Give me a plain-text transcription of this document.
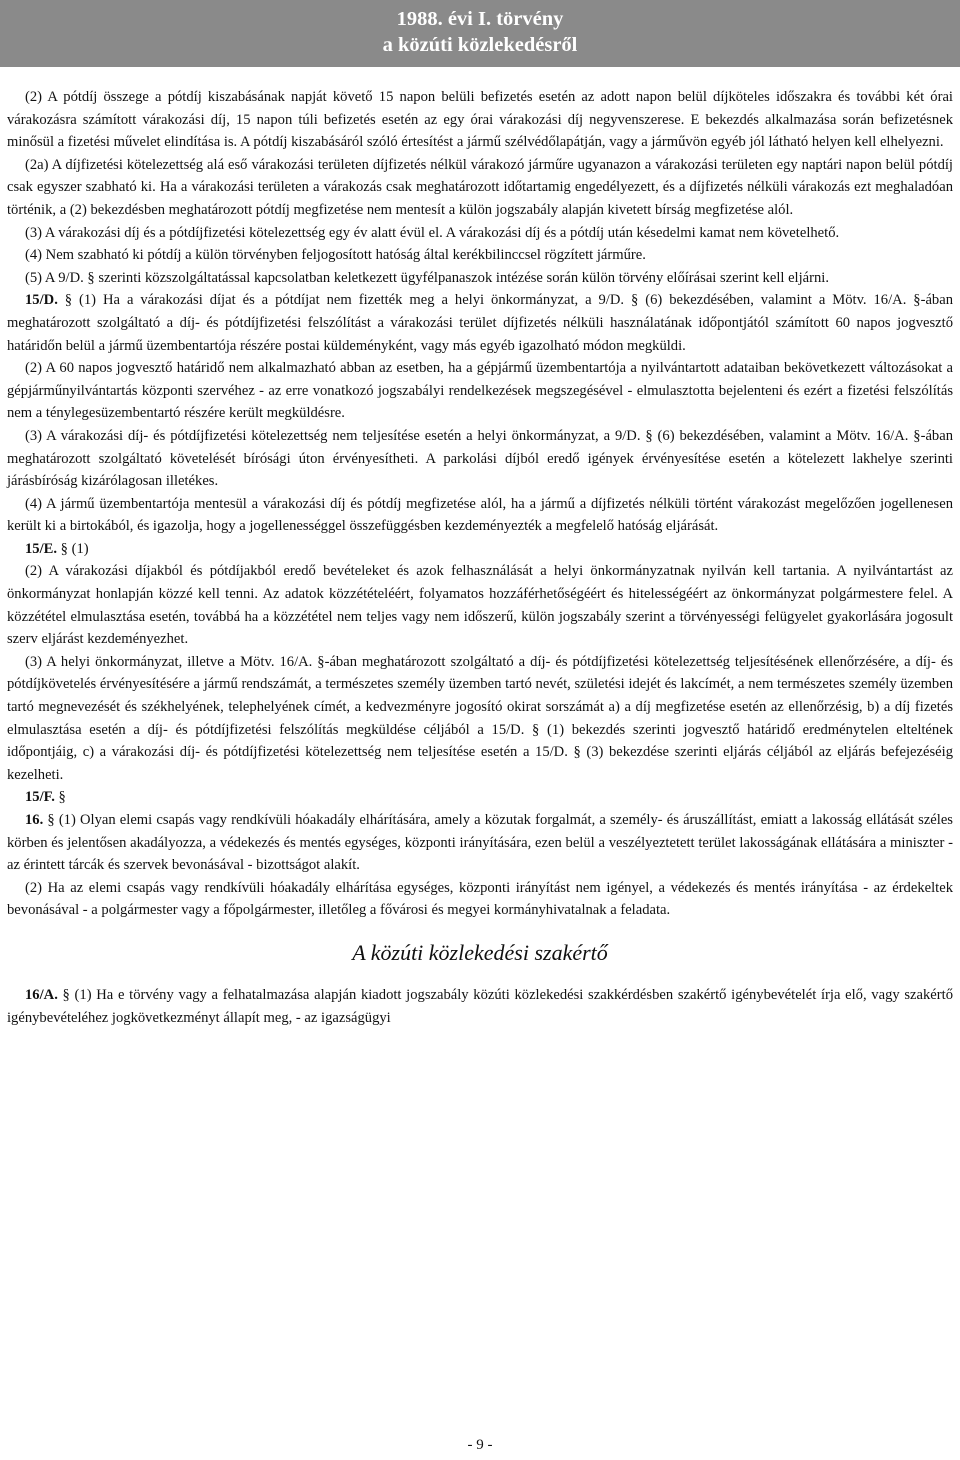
1988. évi I. törvény
a közúti közlekedésről

(2) A pótdíj összege a pótdíj kiszabásának napját követő 15 napon belüli befizetés esetén az adott napon belül díjköteles időszakra és további két órai várakozásra számított várakozási díj, 15 napon túli befizetés esetén az egy órai várakozási díj negyvenszerese. E bekezdés alkalmazása során befizetésnek minősül a fizetési művelet elindítása is. A pótdíj kiszabásáról szóló értesítést a jármű szélvédőlapátján, vagy a járművön egyéb jól látható helyen kell elhelyezni.

(2a) A díjfizetési kötelezettség alá eső várakozási területen díjfizetés nélkül várakozó járműre ugyanazon a várakozási területen egy naptári napon belül pótdíj csak egyszer szabható ki. Ha a várakozási területen a várakozás csak meghatározott időtartamig engedélyezett, és a díjfizetés nélküli várakozás ezt meghaladóan történik, a (2) bekezdésben meghatározott pótdíj megfizetése nem mentesít a külön jogszabály alapján kivetett bírság megfizetése alól.

(3) A várakozási díj és a pótdíjfizetési kötelezettség egy év alatt évül el. A várakozási díj és a pótdíj után késedelmi kamat nem követelhető.

(4) Nem szabható ki pótdíj a külön törvényben feljogosított hatóság által kerékbilinccsel rögzített járműre.

(5) A 9/D. § szerinti közszolgáltatással kapcsolatban keletkezett ügyfélpanaszok intézése során külön törvény előírásai szerint kell eljárni.

15/D. § (1) Ha a várakozási díjat és a pótdíjat nem fizették meg a helyi önkormányzat, a 9/D. § (6) bekezdésében, valamint a Mötv. 16/A. §-ában meghatározott szolgáltató a díj- és pótdíjfizetési felszólítást a várakozási terület díjfizetés nélküli használatának időpontjától számított 60 napos jogvesztő határidőn belül a jármű üzembentartója részére postai küldeményként, vagy más egyéb igazolható módon megküldi.

(2) A 60 napos jogvesztő határidő nem alkalmazható abban az esetben, ha a gépjármű üzembentartója a nyilvántartott adataiban bekövetkezett változásokat a gépjárműnyilvántartás központi szervéhez - az erre vonatkozó jogszabályi rendelkezések megszegésével - elmulasztotta bejelenteni és ezért a fizetési felszólítás nem a ténylegesüzembentartó részére került megküldésre.

(3) A várakozási díj- és pótdíjfizetési kötelezettség nem teljesítése esetén a helyi önkormányzat, a 9/D. § (6) bekezdésében, valamint a Mötv. 16/A. §-ában meghatározott szolgáltató követelését bírósági úton érvényesítheti. A parkolási díjból eredő igények érvényesítése esetén a kötelezett lakhelye szerinti járásbíróság kizárólagosan illetékes.

(4) A jármű üzembentartója mentesül a várakozási díj és pótdíj megfizetése alól, ha a jármű a díjfizetés nélküli történt várakozást megelőzően jogellenesen került ki a birtokából, és igazolja, hogy a jogellenességgel összefüggésben kezdeményezték a megfelelő hatóság eljárását.

15/E. § (1)

(2) A várakozási díjakból és pótdíjakból eredő bevételeket és azok felhasználását a helyi önkormányzatnak nyilván kell tartania. A nyilvántartást az önkormányzat honlapján közzé kell tenni. Az adatok közzétételéért, folyamatos hozzáférhetőségéért és hitelességéért az önkormányzat polgármestere felel. A közzététel elmulasztása esetén, továbbá ha a közzététel nem teljes vagy nem időszerű, külön jogszabály szerint a törvényességi felügyelet gyakorlására jogosult szerv eljárást kezdeményezhet.

(3) A helyi önkormányzat, illetve a Mötv. 16/A. §-ában meghatározott szolgáltató a díj- és pótdíjfizetési kötelezettség teljesítésének ellenőrzésére, a díj- és pótdíjkövetelés érvényesítésére a jármű rendszámát, a természetes személy üzemben tartó nevét, születési idejét és lakcímét, a nem természetes személy üzemben tartó megnevezését és székhelyének, telephelyének címét, a kedvezményre jogosító okirat sorszámát a) a díj megfizetése esetén az ellenőrzésig, b) a díj fizetés elmulasztása esetén a díj- és pótdíjfizetési felszólítás megküldése céljából a 15/D. § (1) bekezdés szerinti jogvesztő határidő eredménytelen elteltének időpontjáig, c) a várakozási díj- és pótdíjfizetési kötelezettség nem teljesítése esetén a 15/D. § (3) bekezdése szerinti eljárás céljából az eljárás befejezéséig kezelheti.

15/F. §

16. § (1) Olyan elemi csapás vagy rendkívüli hóakadály elhárítására, amely a közutak forgalmát, a személy- és áruszállítást, emiatt a lakosság ellátását széles körben és jelentősen akadályozza, a védekezés és mentés egységes, központi irányítására, ezen belül a veszélyeztetett terület lakosságának ellátására a miniszter - az érintett tárcák és szervek bevonásával - bizottságot alakít.

(2) Ha az elemi csapás vagy rendkívüli hóakadály elhárítása egységes, központi irányítást nem igényel, a védekezés és mentés irányítása - az érdekeltek bevonásával - a polgármester vagy a főpolgármester, illetőleg a fővárosi és megyei kormányhivatalnak a feladata.

A közúti közlekedési szakértő

16/A. § (1) Ha e törvény vagy a felhatalmazása alapján kiadott jogszabály közúti közlekedési szakkérdésben szakértő igénybevételét írja elő, vagy szakértő igénybevételéhez jogkövetkezményt állapít meg, - az igazságügyi

- 9 -
